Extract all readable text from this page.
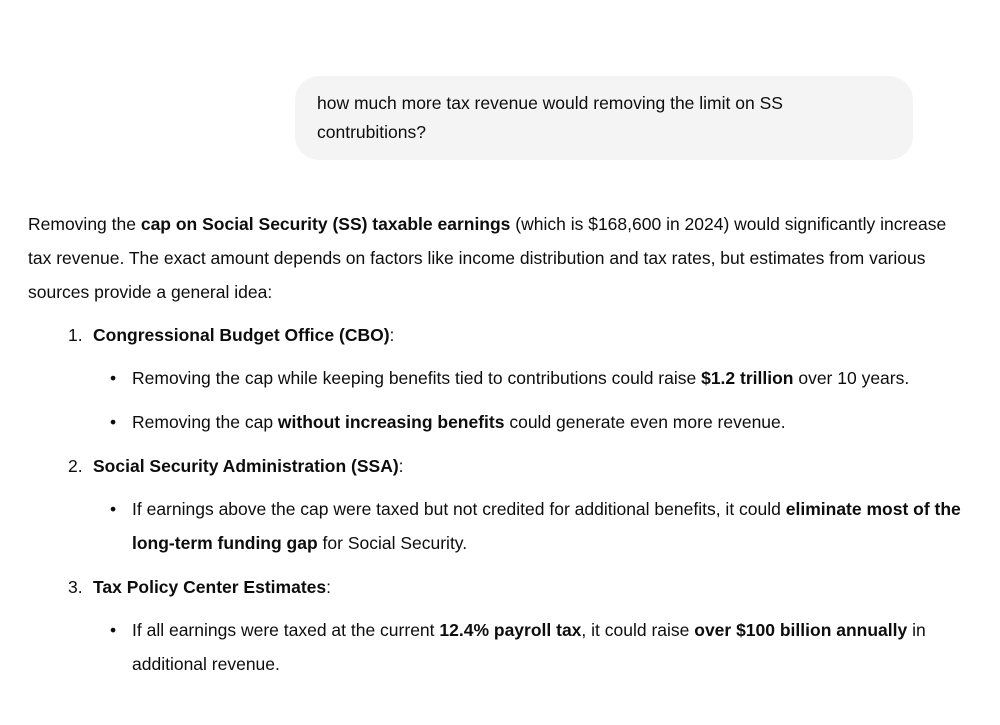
how much more tax revenue would removing the limit on SS contrubitions?

Removing the cap on Social Security (SS) taxable earnings (which is $168,600 in 2024) would significantly increase tax revenue. The exact amount depends on factors like income distribution and tax rates, but estimates from various sources provide a general idea:

1. Congressional Budget Office (CBO):
• Removing the cap while keeping benefits tied to contributions could raise $1.2 trillion over 10 years.
• Removing the cap without increasing benefits could generate even more revenue.
2. Social Security Administration (SSA):
• If earnings above the cap were taxed but not credited for additional benefits, it could eliminate most of the long-term funding gap for Social Security.
3. Tax Policy Center Estimates:
• If all earnings were taxed at the current 12.4% payroll tax, it could raise over $100 billion annually in additional revenue.
